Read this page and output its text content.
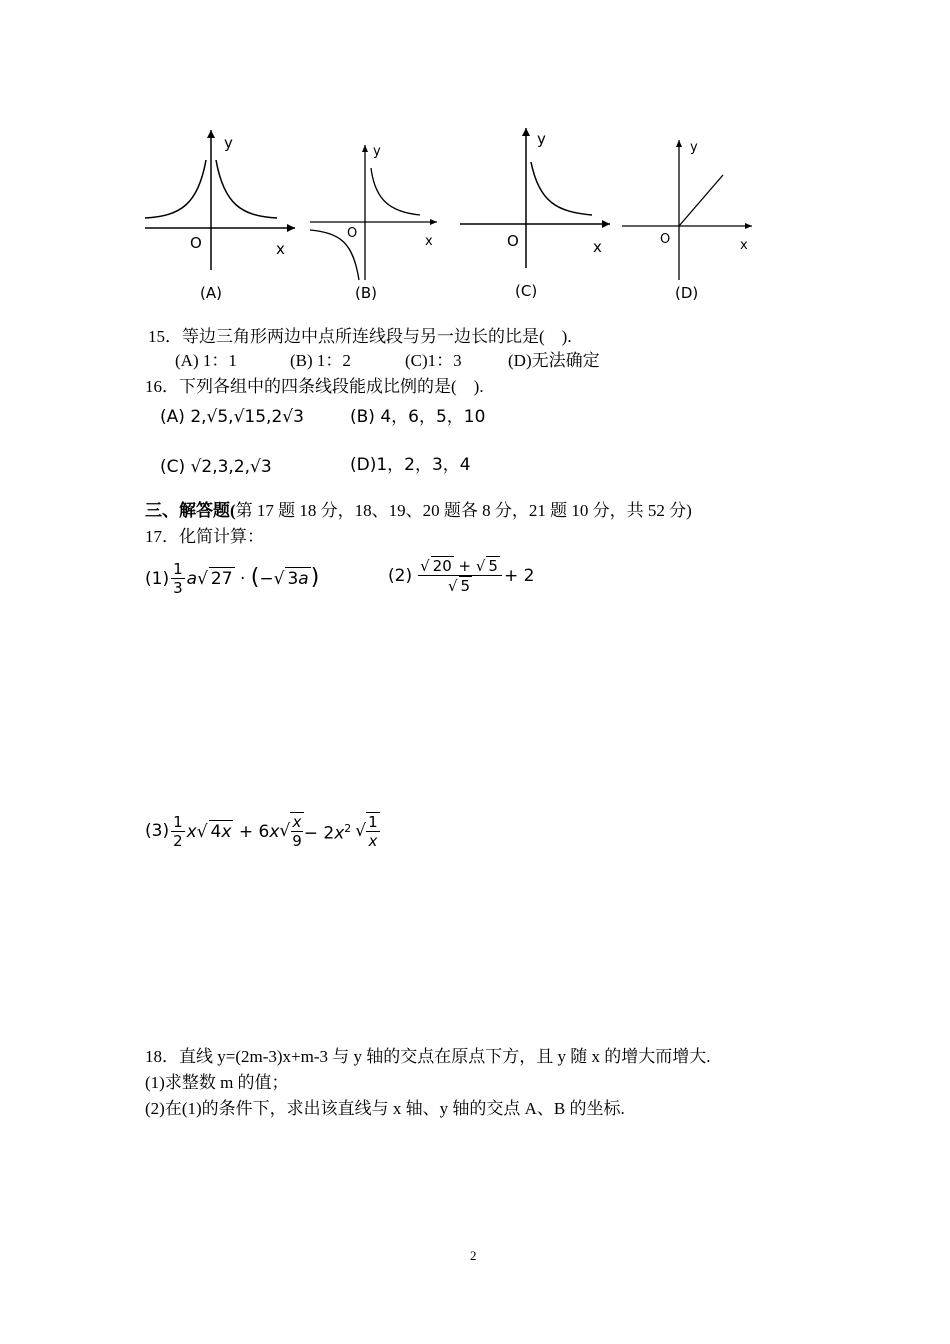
y
O	x
(A)
y
O
x
(B)
y
O	x
(C)
y
O	x
(D)
15．等边三角形两边中点所连线段与另一边长的比是(　).
(A) 1：1	(B) 1：2	(C)1：3	(D)无法确定
16．下列各组中的四条线段能成比例的是(　).
(A) 2,√5,√15,2√3	(B) 4，6，5，10
(C) √2,3,2,√3	(D)1，2，3，4
三、解答题(第 17 题 18 分，18、19、20 题各 8 分，21 题 10 分，共 52 分)
17．化简计算：
$(1) \frac{1}{3} a√$ 27 · (−√ 3a)	$(2) \frac{√ 20 + √ 5}{√ 5} + 2$
$(3) \frac{1}{2} x√$ 4x + 6x √ $\frac{x}{9} - 2x^2$ √ $\frac{1}{x}$
18．直线 y=(2m-3)x+m-3 与 y 轴的交点在原点下方，且 y 随 x 的增大而增大.
(1)求整数 m 的值；
(2)在(1)的条件下，求出该直线与 x 轴、y 轴的交点 A、B 的坐标.
2
